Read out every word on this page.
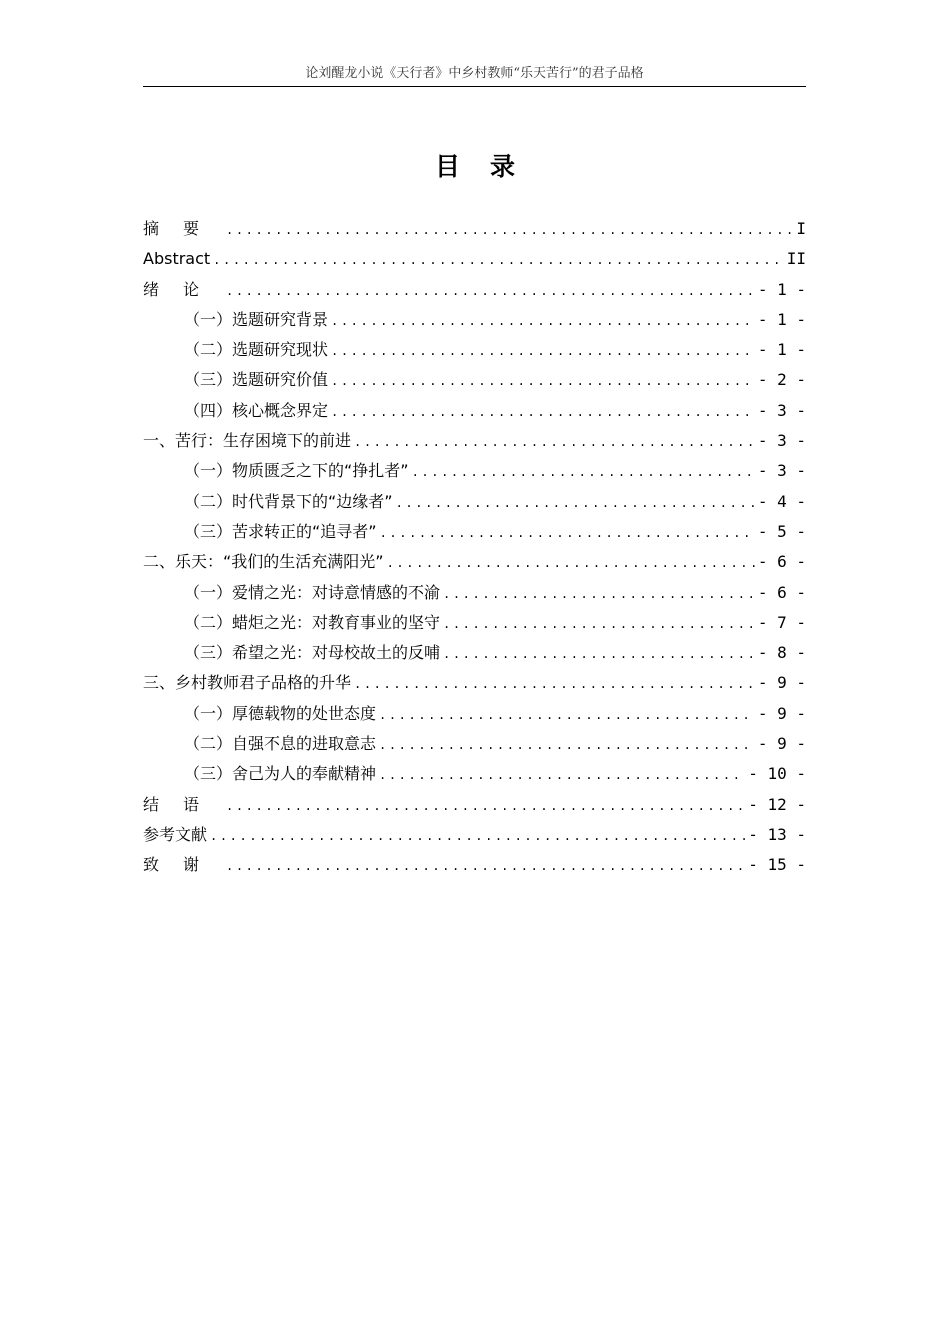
论刘醒龙小说《天行者》中乡村教师“乐天苦行”的君子品格
目录
摘要 .....	I
Abstract .....	II
绪论 .....	- 1 -
（一）选题研究背景 .....	- 1 -
（二）选题研究现状 .....	- 1 -
（三）选题研究价值 .....	- 2 -
（四）核心概念界定 .....	- 3 -
一、苦行：生存困境下的前进 .....	- 3 -
（一）物质匮乏之下的“挣扎者” .....	- 3 -
（二）时代背景下的“边缘者” .....	- 4 -
（三）苦求转正的“追寻者” .....	- 5 -
二、乐天：“我们的生活充满阳光” .....	- 6 -
（一）爱情之光：对诗意情感的不渝 .....	- 6 -
（二）蜡炬之光：对教育事业的坚守 .....	- 7 -
（三）希望之光：对母校故土的反哺 .....	- 8 -
三、乡村教师君子品格的升华 .....	- 9 -
（一）厚德载物的处世态度 .....	- 9 -
（二）自强不息的进取意志 .....	- 9 -
（三）舍己为人的奉献精神 .....	- 10 -
结语 .....	- 12 -
参考文献 .....	- 13 -
致谢 .....	- 15 -
